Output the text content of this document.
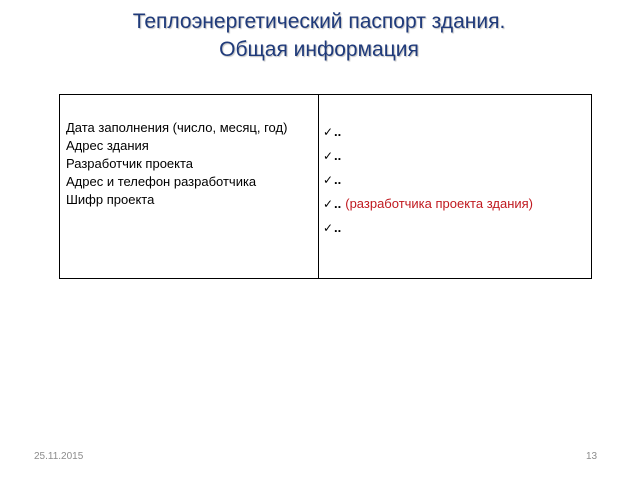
Теплоэнергетический паспорт здания.
Общая информация
Дата заполнения (число, месяц, год)
Адрес здания
Разработчик проекта
Адрес и телефон разработчика
Шифр проекта
✓..
✓..
✓..
✓.. (разработчика проекта здания)
✓..
25.11.2015	13
